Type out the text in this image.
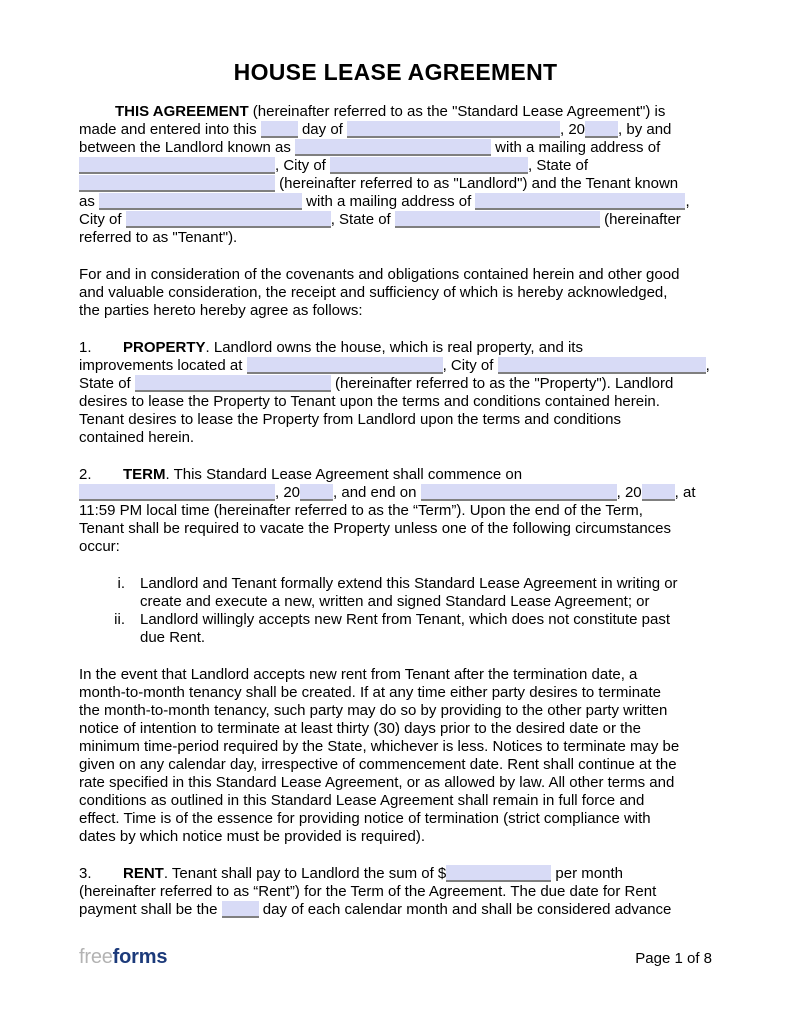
HOUSE LEASE AGREEMENT
THIS AGREEMENT (hereinafter referred to as the "Standard Lease Agreement") is
made and entered into this  day of	, 20 , by and
between the Landlord known as	with a mailing address of
, City of	, State of
(hereinafter referred to as "Landlord") and the Tenant known
as	with a mailing address of	,
City of	, State of	(hereinafter
referred to as "Tenant").
For and in consideration of the covenants and obligations contained herein and other good
and valuable consideration, the receipt and sufficiency of which is hereby acknowledged,
the parties hereto hereby agree as follows:
1. PROPERTY. Landlord owns the house, which is real property, and its
improvements located at	, City of	,
State of	(hereinafter referred to as the "Property"). Landlord
desires to lease the Property to Tenant upon the terms and conditions contained herein.
Tenant desires to lease the Property from Landlord upon the terms and conditions
contained herein.
2. TERM. This Standard Lease Agreement shall commence on
, 20 , and end on	, 20 , at
11:59 PM local time (hereinafter referred to as the “Term”). Upon the end of the Term,
Tenant shall be required to vacate the Property unless one of the following circumstances
occur:
i. Landlord and Tenant formally extend this Standard Lease Agreement in writing or
create and execute a new, written and signed Standard Lease Agreement; or
ii. Landlord willingly accepts new Rent from Tenant, which does not constitute past
due Rent.
In the event that Landlord accepts new rent from Tenant after the termination date, a
month-to-month tenancy shall be created. If at any time either party desires to terminate
the month-to-month tenancy, such party may do so by providing to the other party written
notice of intention to terminate at least thirty (30) days prior to the desired date or the
minimum time-period required by the State, whichever is less. Notices to terminate may be
given on any calendar day, irrespective of commencement date. Rent shall continue at the
rate specified in this Standard Lease Agreement, or as allowed by law. All other terms and
conditions as outlined in this Standard Lease Agreement shall remain in full force and
effect. Time is of the essence for providing notice of termination (strict compliance with
dates by which notice must be provided is required).
3. RENT. Tenant shall pay to Landlord the sum of $	per month
(hereinafter referred to as “Rent”) for the Term of the Agreement. The due date for Rent
payment shall be the  day of each calendar month and shall be considered advance
freeforms	Page 1 of 8
